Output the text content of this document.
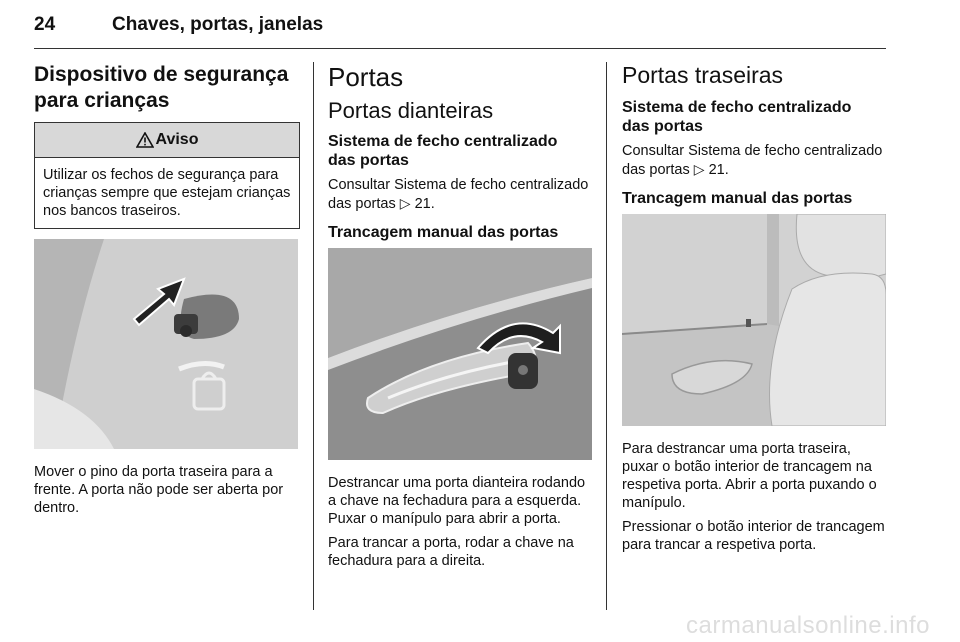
24	Chaves, portas, janelas
Dispositivo de segurança
para crianças
Aviso
Utilizar os fechos de segurança para crianças sempre que estejam crianças nos bancos traseiros.

Mover o pino da porta traseira para a frente. A porta não pode ser aberta por dentro.

Portas
Portas dianteiras
Sistema de fecho centralizado
das portas

Consultar Sistema de fecho centralizado das portas ▷ 21.

Trancagem manual das portas

Destrancar uma porta dianteira rodando a chave na fechadura para a esquerda. Puxar o manípulo para abrir a porta.

Para trancar a porta, rodar a chave na fechadura para a direita.

Portas traseiras
Sistema de fecho centralizado
das portas

Consultar Sistema de fecho centralizado das portas ▷ 21.

Trancagem manual das portas

Para destrancar uma porta traseira, puxar o botão interior de trancagem na respetiva porta. Abrir a porta puxando o manípulo.

Pressionar o botão interior de trancagem para trancar a respetiva porta.

carmanualsonline.info
